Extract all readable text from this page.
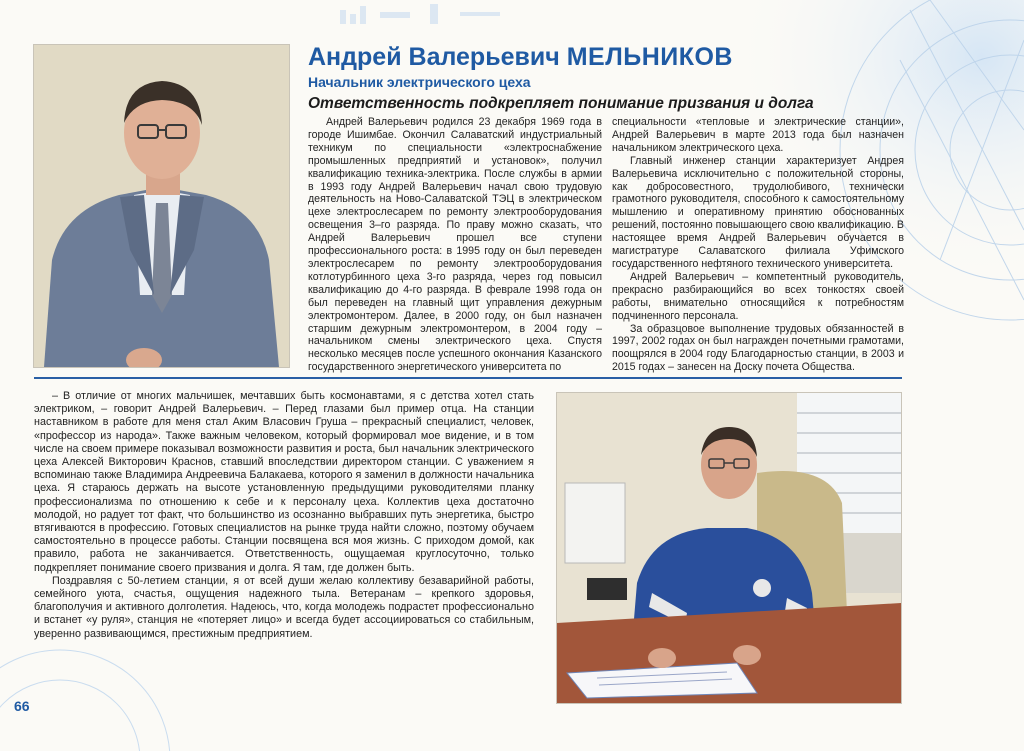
Андрей Валерьевич МЕЛЬНИКОВ
Начальник электрического цеха
Ответственность подкрепляет понимание призвания и долга

Андрей Валерьевич родился 23 декабря 1969 года в городе Ишимбае. Окончил Салаватский индустриальный техникум по специальности «электроснабжение промышленных предприятий и установок», получил квалификацию техника-электрика. После службы в армии в 1993 году Андрей Валерьевич начал свою трудовую деятельность на Ново-Салаватской ТЭЦ в электрическом цехе электрослесарем по ремонту электрооборудования освещения 3–го разряда. По праву можно сказать, что Андрей Валерьевич прошел все ступени профессионального роста: в 1995 году он был переведен электрослесарем по ремонту электрооборудования котлотурбинного цеха 3-го разряда, через год повысил квалификацию до 4-го разряда. В феврале 1998 года он был переведен на главный щит управления дежурным электромонтером. Далее, в 2000 году, он был назначен старшим дежурным электромонтером, в 2004 году – начальником смены электрического цеха. Спустя несколько месяцев после успешного окончания Казанского государственного энергетического университета по

специальности «тепловые и электрические станции», Андрей Валерьевич в марте 2013 года был назначен начальником электрического цеха.

Главный инженер станции характеризует Андрея Валерьевича исключительно с положительной стороны, как добросовестного, трудолюбивого, технически грамотного руководителя, способного к самостоятельному мышлению и оперативному принятию обоснованных решений, постоянно повышающего свою квалификацию. В настоящее время Андрей Валерьевич обучается в магистратуре Салаватского филиала Уфимского государственного нефтяного технического университета.

Андрей Валерьевич – компетентный руководитель, прекрасно разбирающийся во всех тонкостях своей работы, внимательно относящийся к потребностям подчиненного персонала.

За образцовое выполнение трудовых обязанностей в 1997, 2002 годах он был награжден почетными грамотами, поощрялся в 2004 году Благодарностью станции, в 2003 и 2015 годах – занесен на Доску почета Общества.

– В отличие от многих мальчишек, мечтавших быть космонавтами, я с детства хотел стать электриком, – говорит Андрей Валерьевич. – Перед глазами был пример отца. На станции наставником в работе для меня стал Аким Власович Груша – прекрасный специалист, человек, «профессор из народа». Также важным человеком, который формировал мое видение, и в том числе на своем примере показывал возможности развития и роста, был начальник электрического цеха Алексей Викторович Краснов, ставший впоследствии директором станции. С уважением я вспоминаю также Владимира Андреевича Балакаева, которого я заменил в должности начальника цеха. Я стараюсь держать на высоте установленную предыдущими руководителями планку профессионализма по отношению к себе и к персоналу цеха. Коллектив цеха достаточно молодой, но радует тот факт, что большинство из осознанно выбравших путь энергетика, быстро втягиваются в профессию. Готовых специалистов на рынке труда найти сложно, поэтому обучаем самостоятельно в процессе работы. Станции посвящена вся моя жизнь. С приходом домой, как правило, работа не заканчивается. Ответственность, ощущаемая круглосуточно, только подкрепляет понимание своего призвания и долга. Я там, где должен быть.

Поздравляя с 50-летием станции, я от всей души желаю коллективу безаварийной работы, семейного уюта, счастья, ощущения надежного тыла. Ветеранам – крепкого здоровья, благополучия и активного долголетия. Надеюсь, что, когда молодежь подрастет профессионально и встанет «у руля», станция не «потеряет лицо» и всегда будет ассоциироваться со стабильным, уверенно развивающимся, престижным предприятием.

66
